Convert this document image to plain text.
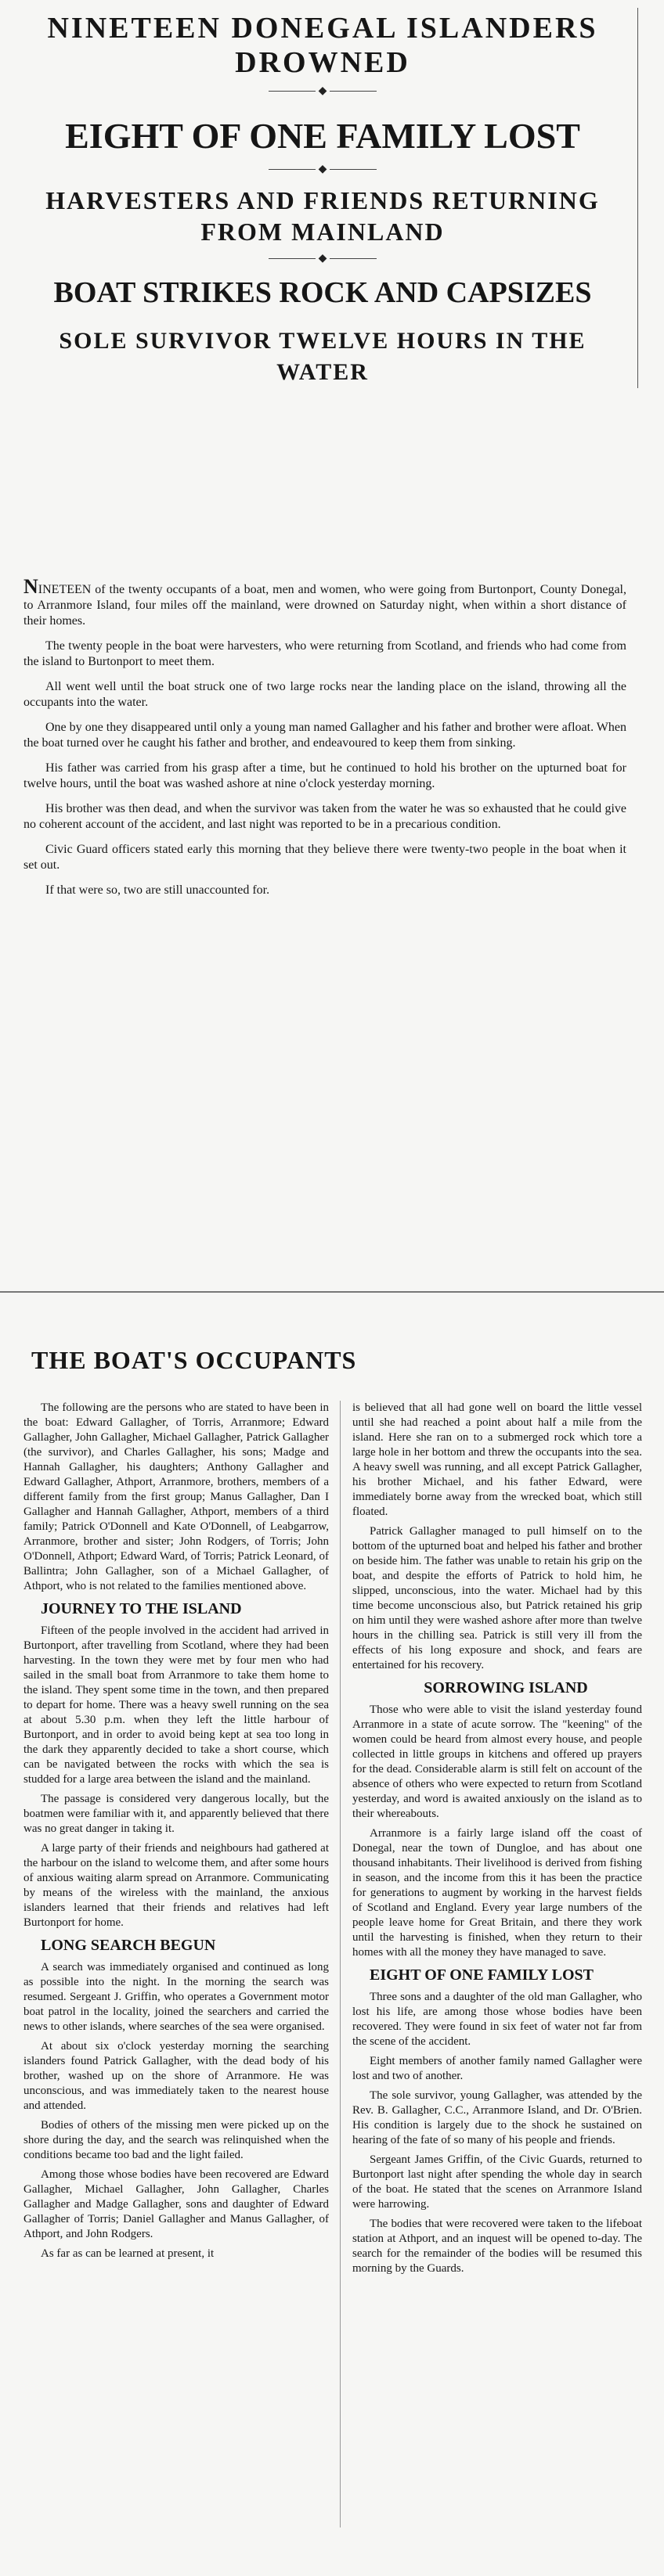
NINETEEN DONEGAL ISLANDERS DROWNED
◆
EIGHT OF ONE FAMILY LOST
◆
HARVESTERS AND FRIENDS RETURNING FROM MAINLAND
◆
BOAT STRIKES ROCK AND CAPSIZES
SOLE SURVIVOR TWELVE HOURS IN THE WATER

NINETEEN of the twenty occupants of a boat, men and women, who were going from Burtonport, County Donegal, to Arranmore Island, four miles off the mainland, were drowned on Saturday night, when within a short distance of their homes.

The twenty people in the boat were harvesters, who were returning from Scotland, and friends who had come from the island to Burtonport to meet them.

All went well until the boat struck one of two large rocks near the landing place on the island, throwing all the occupants into the water.

One by one they disappeared until only a young man named Gallagher and his father and brother were afloat. When the boat turned over he caught his father and brother, and endeavoured to keep them from sinking.

His father was carried from his grasp after a time, but he continued to hold his brother on the upturned boat for twelve hours, until the boat was washed ashore at nine o'clock yesterday morning.

His brother was then dead, and when the survivor was taken from the water he was so exhausted that he could give no coherent account of the accident, and last night was reported to be in a precarious condition.

Civic Guard officers stated early this morning that they believe there were twenty-two people in the boat when it set out.

If that were so, two are still unaccounted for.

THE BOAT'S OCCUPANTS

The following are the persons who are stated to have been in the boat: Edward Gallagher, of Torris, Arranmore; Edward Gallagher, John Gallagher, Michael Gallagher, Patrick Gallagher (the survivor), and Charles Gallagher, his sons; Madge and Hannah Gallagher, his daughters; Anthony Gallagher and Edward Gallagher, Athport, Arranmore, brothers, members of a different family from the first group; Manus Gallagher, Dan I Gallagher and Hannah Gallagher, Athport, members of a third family; Patrick O'Donnell and Kate O'Donnell, of Leabgarrow, Arranmore, brother and sister; John Rodgers, of Torris; John O'Donnell, Athport; Edward Ward, of Torris; Patrick Leonard, of Ballintra; John Gallagher, son of a Michael Gallagher, of Athport, who is not related to the families mentioned above.

JOURNEY TO THE ISLAND

Fifteen of the people involved in the accident had arrived in Burtonport, after travelling from Scotland, where they had been harvesting. In the town they were met by four men who had sailed in the small boat from Arranmore to take them home to the island. They spent some time in the town, and then prepared to depart for home. There was a heavy swell running on the sea at about 5.30 p.m. when they left the little harbour of Burtonport, and in order to avoid being kept at sea too long in the dark they apparently decided to take a short course, which can be navigated between the rocks with which the sea is studded for a large area between the island and the mainland.

The passage is considered very dangerous locally, but the boatmen were familiar with it, and apparently believed that there was no great danger in taking it.

A large party of their friends and neighbours had gathered at the harbour on the island to welcome them, and after some hours of anxious waiting alarm spread on Arranmore. Communicating by means of the wireless with the mainland, the anxious islanders learned that their friends and relatives had left Burtonport for home.

LONG SEARCH BEGUN

A search was immediately organised and continued as long as possible into the night. In the morning the search was resumed. Sergeant J. Griffin, who operates a Government motor boat patrol in the locality, joined the searchers and carried the news to other islands, where searches of the sea were organised.

At about six o'clock yesterday morning the searching islanders found Patrick Gallagher, with the dead body of his brother, washed up on the shore of Arranmore. He was unconscious, and was immediately taken to the nearest house and attended.

Bodies of others of the missing men were picked up on the shore during the day, and the search was relinquished when the conditions became too bad and the light failed.

Among those whose bodies have been recovered are Edward Gallagher, Michael Gallagher, John Gallagher, Charles Gallagher and Madge Gallagher, sons and daughter of Edward Gallagher of Torris; Daniel Gallagher and Manus Gallagher, of Athport, and John Rodgers.

As far as can be learned at present, it

is believed that all had gone well on board the little vessel until she had reached a point about half a mile from the island. Here she ran on to a submerged rock which tore a large hole in her bottom and threw the occupants into the sea. A heavy swell was running, and all except Patrick Gallagher, his brother Michael, and his father Edward, were immediately borne away from the wrecked boat, which still floated.

Patrick Gallagher managed to pull himself on to the bottom of the upturned boat and helped his father and brother on beside him. The father was unable to retain his grip on the boat, and despite the efforts of Patrick to hold him, he slipped, unconscious, into the water. Michael had by this time become unconscious also, but Patrick retained his grip on him until they were washed ashore after more than twelve hours in the chilling sea. Patrick is still very ill from the effects of his long exposure and shock, and fears are entertained for his recovery.

SORROWING ISLAND

Those who were able to visit the island yesterday found Arranmore in a state of acute sorrow. The "keening" of the women could be heard from almost every house, and people collected in little groups in kitchens and offered up prayers for the dead. Considerable alarm is still felt on account of the absence of others who were expected to return from Scotland yesterday, and word is awaited anxiously on the island as to their whereabouts.

Arranmore is a fairly large island off the coast of Donegal, near the town of Dungloe, and has about one thousand inhabitants. Their livelihood is derived from fishing in season, and the income from this it has been the practice for generations to augment by working in the harvest fields of Scotland and England. Every year large numbers of the people leave home for Great Britain, and there they work until the harvesting is finished, when they return to their homes with all the money they have managed to save.

EIGHT OF ONE FAMILY LOST

Three sons and a daughter of the old man Gallagher, who lost his life, are among those whose bodies have been recovered. They were found in six feet of water not far from the scene of the accident.

Eight members of another family named Gallagher were lost and two of another.

The sole survivor, young Gallagher, was attended by the Rev. B. Gallagher, C.C., Arranmore Island, and Dr. O'Brien. His condition is largely due to the shock he sustained on hearing of the fate of so many of his people and friends.

Sergeant James Griffin, of the Civic Guards, returned to Burtonport last night after spending the whole day in search of the boat. He stated that the scenes on Arranmore Island were harrowing.

The bodies that were recovered were taken to the lifeboat station at Athport, and an inquest will be opened to-day. The search for the remainder of the bodies will be resumed this morning by the Guards.
